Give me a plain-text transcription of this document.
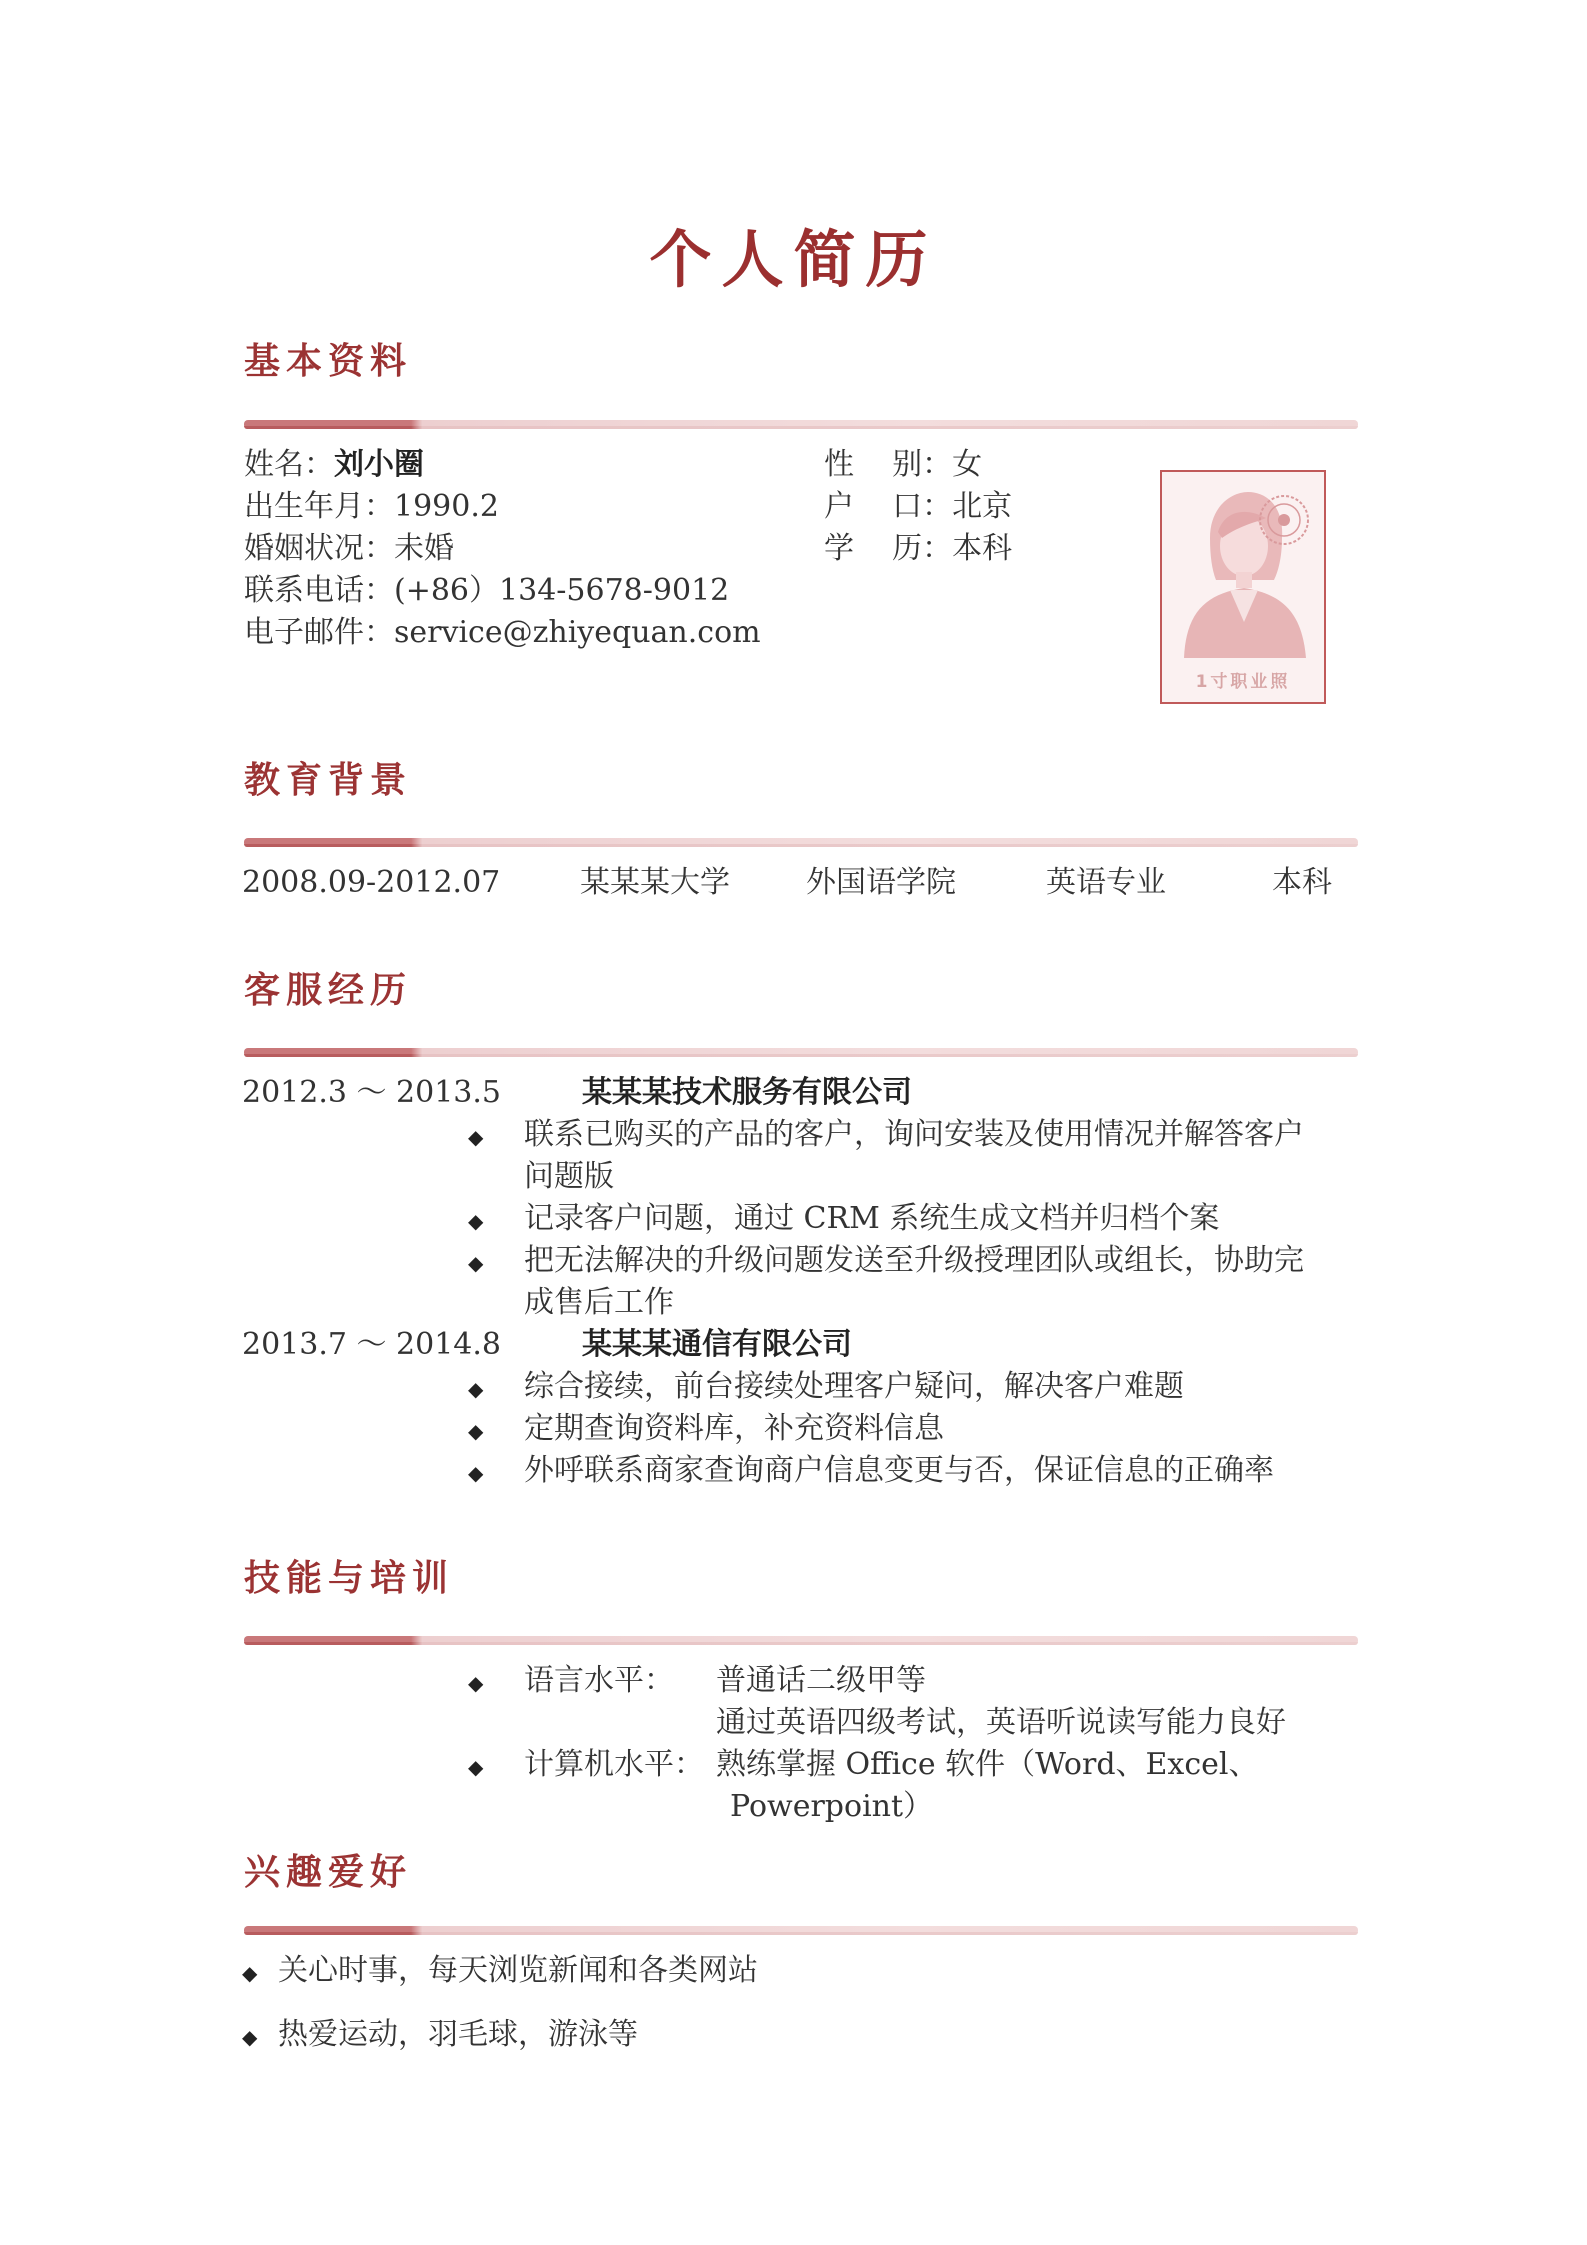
个人简历
基本资料
姓名：刘小圈
出生年月：1990.2
婚姻状况：未婚
联系电话：(+86）134-5678-9012
电子邮件：service@zhiyequan.com
性    别：女
户    口：北京
学    历：本科
1寸职业照
教育背景
2008.09-2012.07	某某某大学	外国语学院	英语专业	本科
客服经历
2012.3 ～ 2013.5	某某某技术服务有限公司
◆ 联系已购买的产品的客户，询问安装及使用情况并解答客户
问题版
◆ 记录客户问题，通过 CRM 系统生成文档并归档个案
◆ 把无法解决的升级问题发送至升级授理团队或组长，协助完
成售后工作
2013.7 ～ 2014.8	某某某通信有限公司
◆ 综合接续，前台接续处理客户疑问，解决客户难题
◆ 定期查询资料库，补充资料信息
◆ 外呼联系商家查询商户信息变更与否，保证信息的正确率
技能与培训
◆ 语言水平： 普通话二级甲等
通过英语四级考试，英语听说读写能力良好
◆ 计算机水平： 熟练掌握 Office 软件（Word、Excel、
Powerpoint）
兴趣爱好
◆ 关心时事，每天浏览新闻和各类网站
◆ 热爱运动，羽毛球，游泳等
